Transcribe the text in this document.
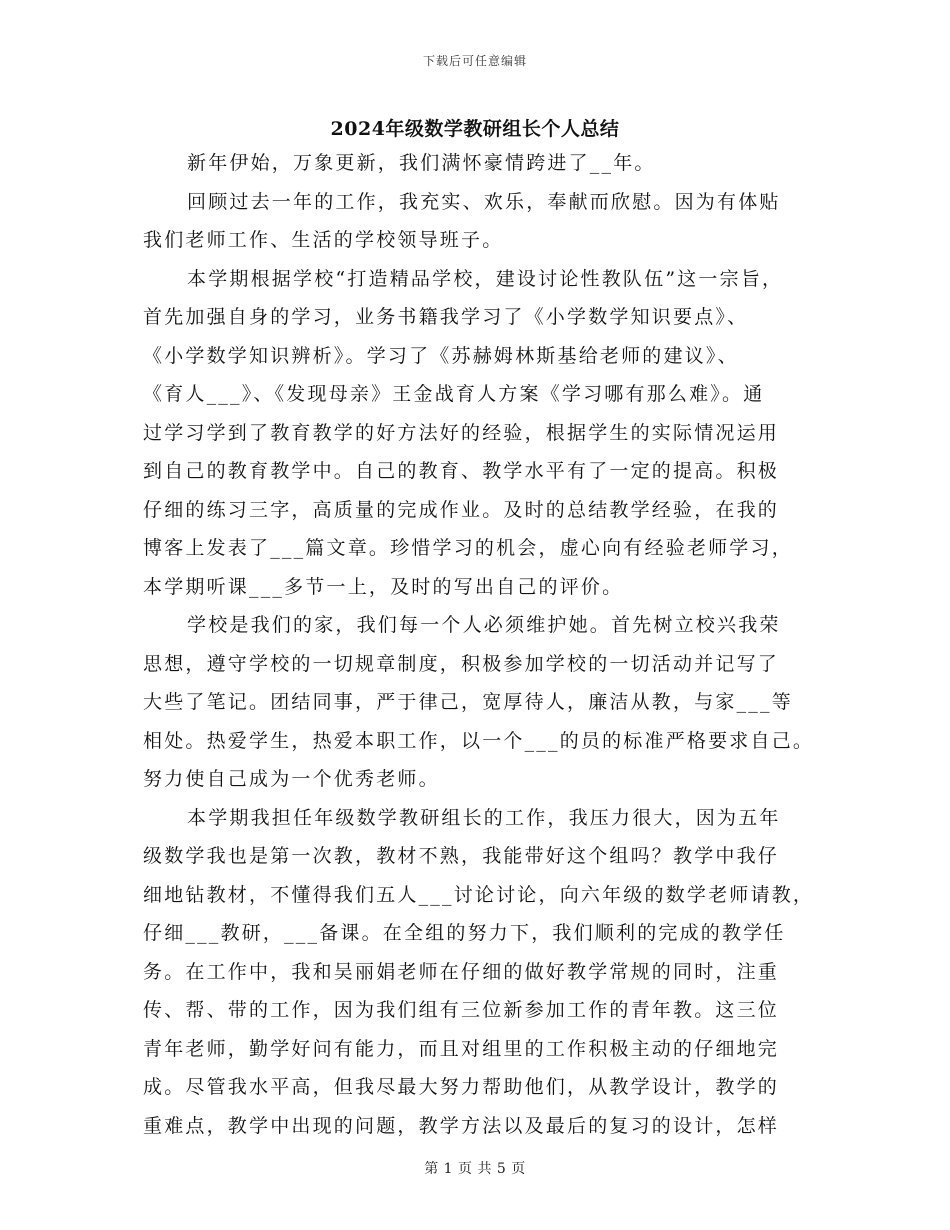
下载后可任意编辑
2024年级数学教研组长个人总结
新年伊始，万象更新，我们满怀豪情跨进了__年。
回顾过去一年的工作，我充实、欢乐，奉献而欣慰。因为有体贴
我们老师工作、生活的学校领导班子。
本学期根据学校“打造精品学校，建设讨论性教队伍”这一宗旨，
首先加强自身的学习，业务书籍我学习了《小学数学知识要点》、
《小学数学知识辨析》。学习了《苏赫姆林斯基给老师的建议》、
《育人___》、《发现母亲》王金战育人方案《学习哪有那么难》。通
过学习学到了教育教学的好方法好的经验，根据学生的实际情况运用
到自己的教育教学中。自己的教育、教学水平有了一定的提高。积极
仔细的练习三字，高质量的完成作业。及时的总结教学经验，在我的
博客上发表了___篇文章。珍惜学习的机会，虚心向有经验老师学习，
本学期听课___多节一上，及时的写出自己的评价。
学校是我们的家，我们每一个人必须维护她。首先树立校兴我荣
思想，遵守学校的一切规章制度，积极参加学校的一切活动并记写了
大些了笔记。团结同事，严于律己，宽厚待人，廉洁从教，与家___等
相处。热爱学生，热爱本职工作，以一个___的员的标准严格要求自己。
努力使自己成为一个优秀老师。
本学期我担任年级数学教研组长的工作，我压力很大，因为五年
级数学我也是第一次教，教材不熟，我能带好这个组吗？教学中我仔
细地钻教材，不懂得我们五人___讨论讨论，向六年级的数学老师请教，
仔细___教研，___备课。在全组的努力下，我们顺利的完成的教学任
务。在工作中，我和吴丽娟老师在仔细的做好教学常规的同时，注重
传、帮、带的工作，因为我们组有三位新参加工作的青年教。这三位
青年老师，勤学好问有能力，而且对组里的工作积极主动的仔细地完
成。尽管我水平高，但我尽最大努力帮助他们，从教学设计，教学的
重难点，教学中出现的问题，教学方法以及最后的复习的设计，怎样
第 1 页 共 5 页
